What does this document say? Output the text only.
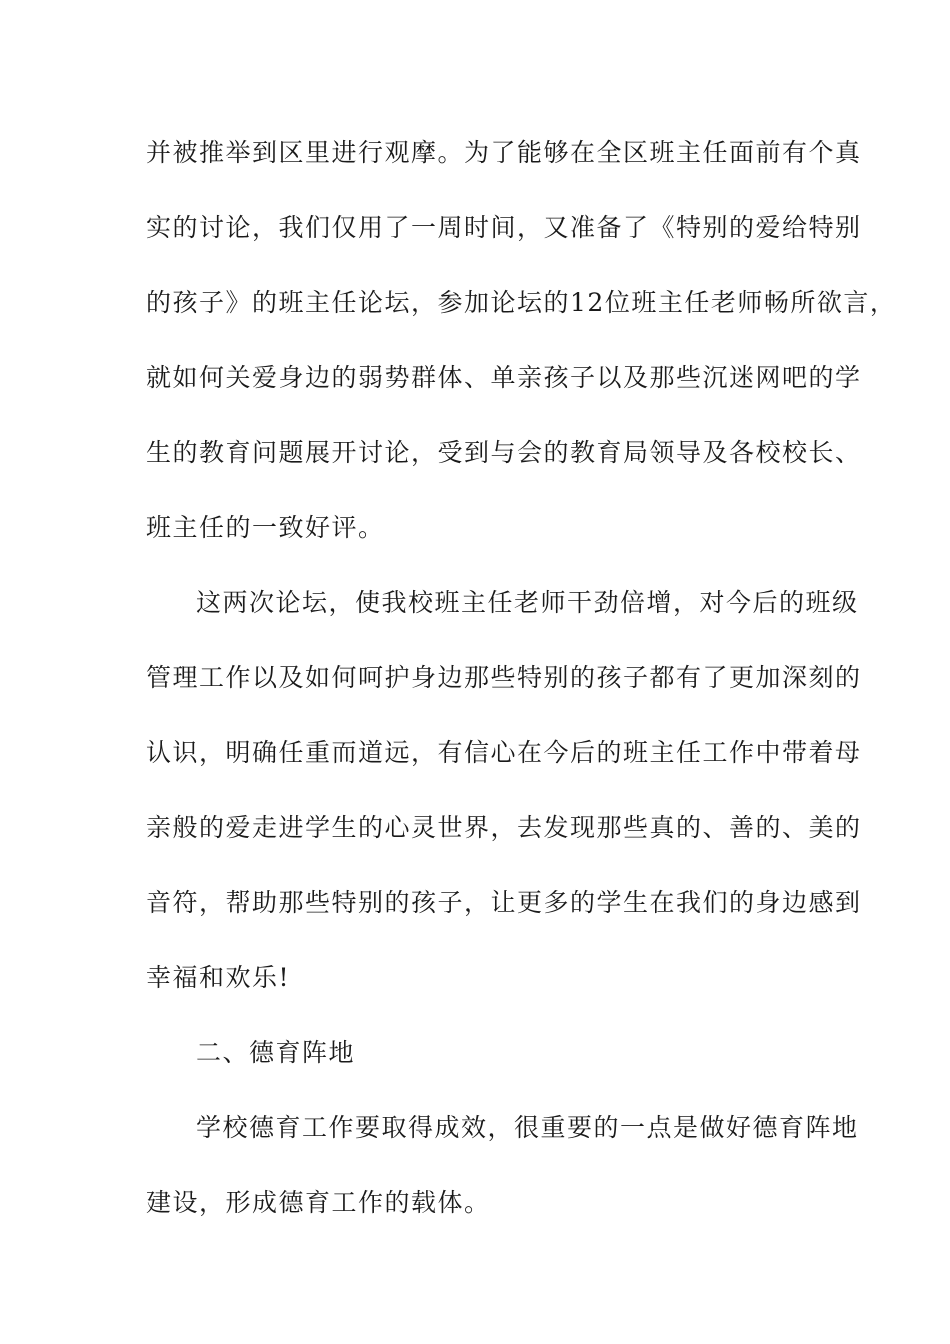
并被推举到区里进行观摩。为了能够在全区班主任面前有个真
实的讨论，我们仅用了一周时间，又准备了《特别的爱给特别
的孩子》的班主任论坛，参加论坛的12位班主任老师畅所欲言，
就如何关爱身边的弱势群体、单亲孩子以及那些沉迷网吧的学
生的教育问题展开讨论，受到与会的教育局领导及各校校长、
班主任的一致好评。
这两次论坛，使我校班主任老师干劲倍增，对今后的班级
管理工作以及如何呵护身边那些特别的孩子都有了更加深刻的
认识，明确任重而道远，有信心在今后的班主任工作中带着母
亲般的爱走进学生的心灵世界，去发现那些真的、善的、美的
音符，帮助那些特别的孩子，让更多的学生在我们的身边感到
幸福和欢乐!
二、德育阵地
学校德育工作要取得成效，很重要的一点是做好德育阵地
建设，形成德育工作的载体。
